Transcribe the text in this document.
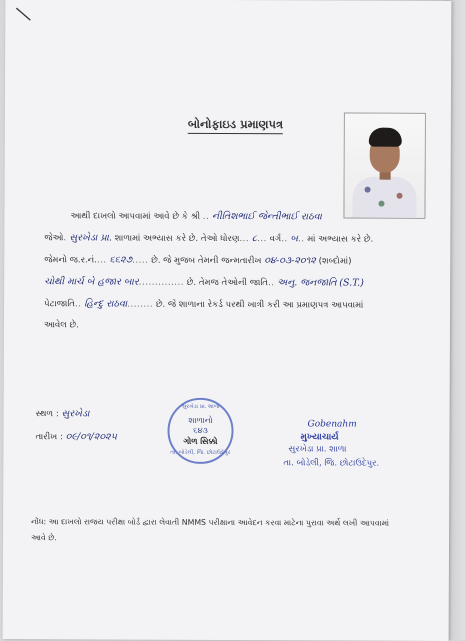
બોનોફાઇડ પ્રમાણપત્ર
આથી દાખલો આપવામાં આવે છે કે શ્રી .. નીતિશભાઈ જેન્તીભાઈ રાઠવા
જેઓ. સુરખેડા પ્રા. શાળામાં અભ્યાસ કરે છે. તેઓ ધોરણ... ૮... વર્ગ.. બ.. માં અભ્યાસ કરે છે.
જેમનો જ.ર.નં.... ૬૬૨૭..... છે. જે મુજબ તેમની જન્મતારીખ ૦૪-૦૩-૨૦૧૨ (શબ્દોમાં)
ચોથી માર્ચ બે હજાર બાર.............. છે. તેમજ તેઓની જાતિ.. અનુ. જનજાતિ (S.T.)
પેટાજાતિ.. હિન્દુ રાઠવા........ છે. જે શાળાના રેકર્ડ પરથી ખાત્રી કરી આ પ્રમાણપત્ર આપવામાં
આવેલ છે.
સ્થળ : સુરખેડા
તારીખ : ૦૯/૦૧/૨૦૨૫
સુરખેડા પ્રા. શાળા
શાળાનો
૬૪૩
ગોળ સિક્કો
તા. બોડેલી, જિ. છોટાઉદેપુર
Gobenahm
મુખ્યાચાર્ય
સુરખેડા પ્રા. શાળા
તા. બોડેલી, જિ. છોટાઉદેપુર.
નોંધ: આ દાખલો રાજય પરીક્ષા બોર્ડ દ્વારા લેવાતી NMMS પરીક્ષાના આવેદન કરવા માટેના પુરાવા અર્થે લખી આપવામાં આવે છે.
